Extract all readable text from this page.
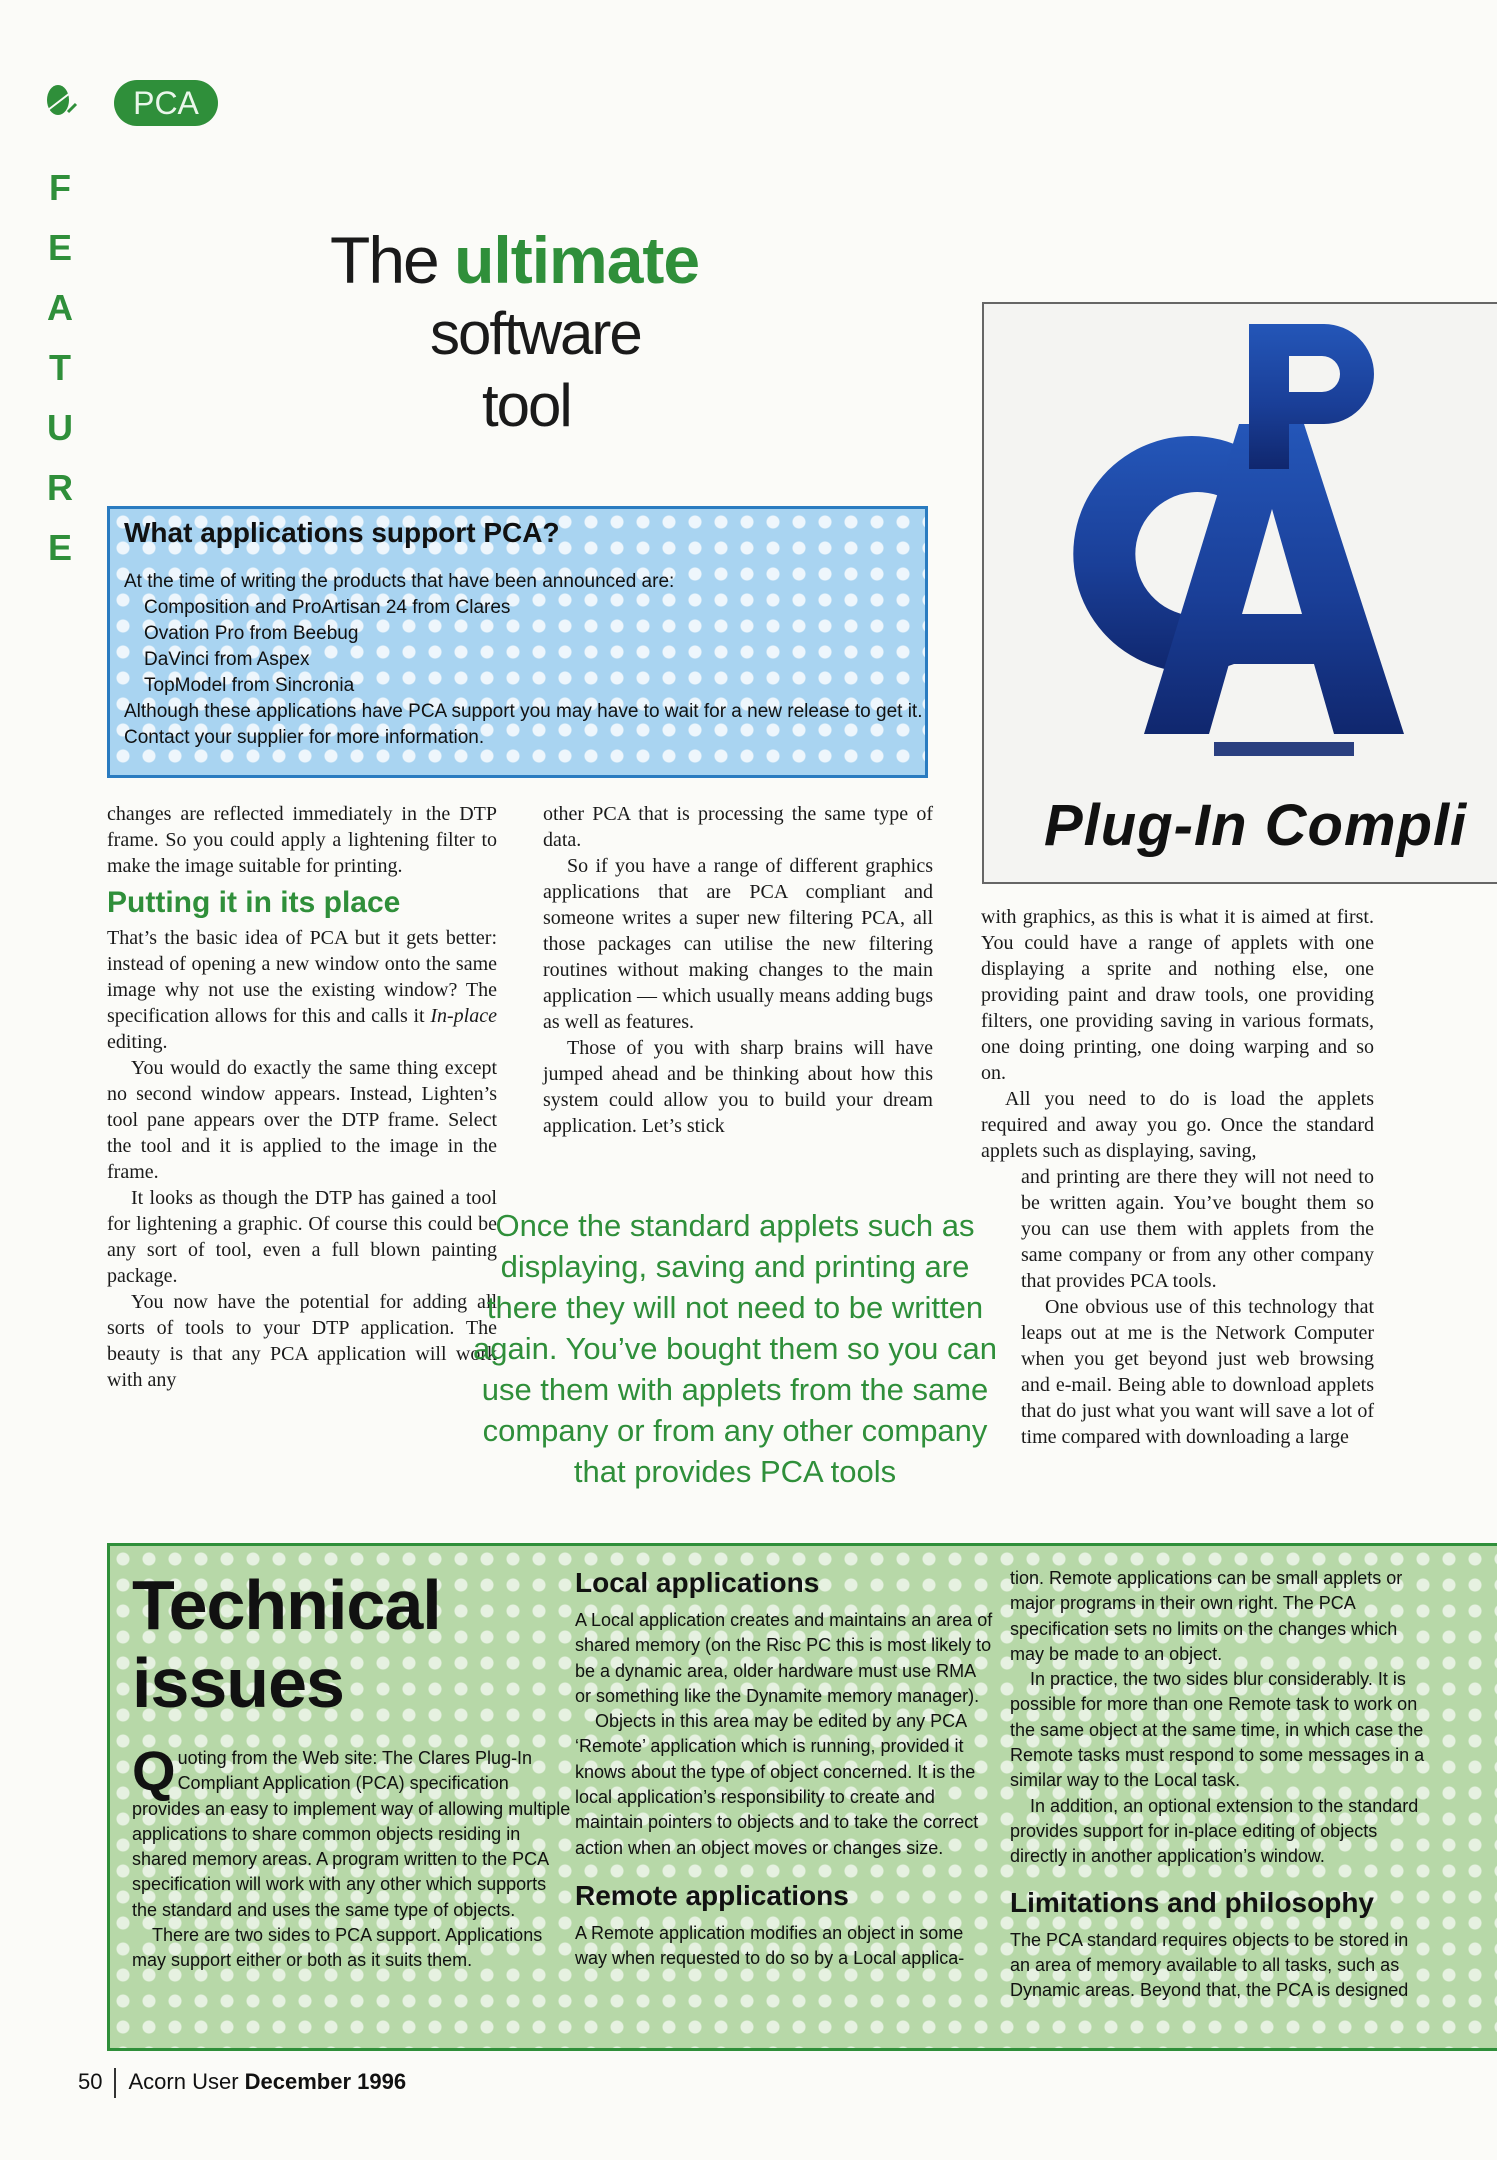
F
E
A
T
U
R
E
PCA
The ultimate
software
tool
Plug-In Compli
What applications support PCA?
At the time of writing the products that have been announced are:
Composition and ProArtisan 24 from Clares
Ovation Pro from Beebug
DaVinci from Aspex
TopModel from Sincronia
Although these applications have PCA support you may have to wait for a new release to get it.
Contact your supplier for more information.

changes are reflected immediately in the DTP frame. So you could apply a lightening filter to make the image suitable for printing.

Putting it in its place

That’s the basic idea of PCA but it gets better: instead of opening a new window onto the same image why not use the existing window? The specification allows for this and calls it In-place editing.

You would do exactly the same thing except no second window appears. Instead, Lighten’s tool pane appears over the DTP frame. Select the tool and it is applied to the image in the frame.

It looks as though the DTP has gained a tool for lightening a graphic. Of course this could be any sort of tool, even a full blown painting package.

You now have the potential for adding all sorts of tools to your DTP application. The beauty is that any PCA application will work with any

other PCA that is processing the same type of data.

So if you have a range of different graphics applications that are PCA compliant and someone writes a super new filtering PCA, all those packages can utilise the new filtering routines without making changes to the main application — which usually means adding bugs as well as features.

Those of you with sharp brains will have jumped ahead and be thinking about how this system could allow you to build your dream application. Let’s stick

with graphics, as this is what it is aimed at first. You could have a range of applets with one displaying a sprite and nothing else, one providing paint and draw tools, one providing filters, one providing saving in various formats, one doing printing, one doing warping and so on.

All you need to do is load the applets required and away you go. Once the standard applets such as displaying, saving,

and printing are there they will not need to be written again. You’ve bought them so you can use them with applets from the same company or from any other company that provides PCA tools.

One obvious use of this technology that leaps out at me is the Network Computer when you get beyond just web browsing and e-mail. Being able to download applets that do just what you want will save a lot of time compared with downloading a large

Once the standard applets such as displaying, saving and printing are there they will not need to be written again. You’ve bought them so you can use them with applets from the same company or from any other company that provides PCA tools
Technical
issues

Quoting from the Web site: The Clares Plug-In Compliant Application (PCA) specification provides an easy to implement way of allowing multiple applications to share common objects residing in shared memory areas. A program written to the PCA specification will work with any other which supports the standard and uses the same type of objects.

There are two sides to PCA support. Applications may support either or both as it suits them.

Local applications

A Local application creates and maintains an area of shared memory (on the Risc PC this is most likely to be a dynamic area, older hardware must use RMA or something like the Dynamite memory manager).

Objects in this area may be edited by any PCA ‘Remote’ application which is running, provided it knows about the type of object concerned. It is the local application’s responsibility to create and maintain pointers to objects and to take the correct action when an object moves or changes size.

Remote applications

A Remote application modifies an object in some way when requested to do so by a Local applica-

tion. Remote applications can be small applets or major programs in their own right. The PCA specification sets no limits on the changes which may be made to an object.

In practice, the two sides blur considerably. It is possible for more than one Remote task to work on the same object at the same time, in which case the Remote tasks must respond to some messages in a similar way to the Local task.

In addition, an optional extension to the standard provides support for in-place editing of objects directly in another application’s window.

Limitations and philosophy

The PCA standard requires objects to be stored in an area of memory available to all tasks, such as Dynamic areas. Beyond that, the PCA is designed

50 Acorn User December 1996
